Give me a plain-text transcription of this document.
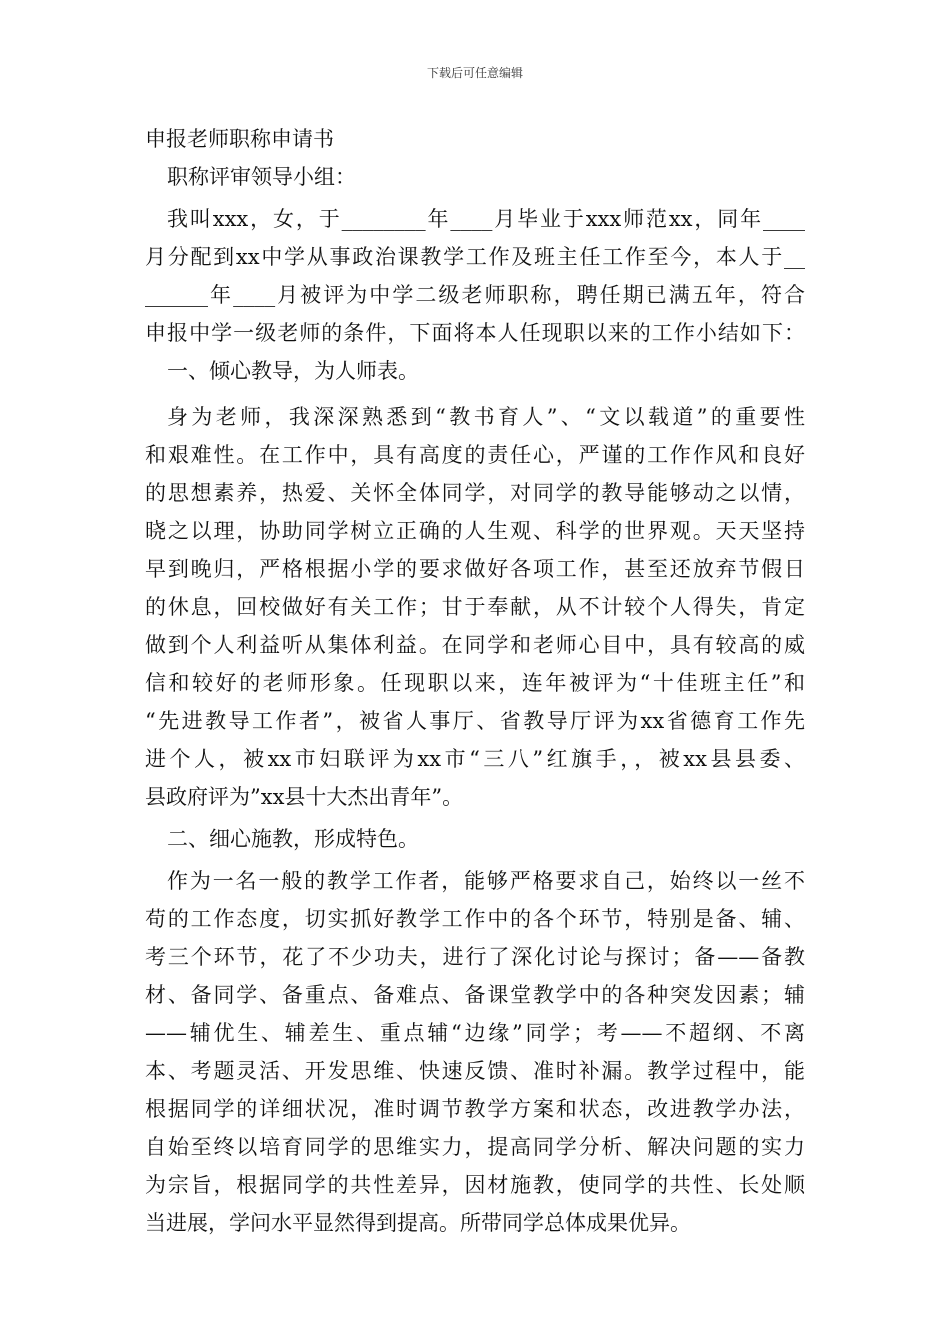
下载后可任意编辑
申报老师职称申请书
职称评审领导小组：
我叫xxx，女，于________年____月毕业于xxx师范xx，同年____
月分配到xx中学从事政治课教学工作及班主任工作至今，本人于__
______年____月被评为中学二级老师职称，聘任期已满五年，符合
申报中学一级老师的条件，下面将本人任现职以来的工作小结如下：
一、倾心教导，为人师表。
身为老师，我深深熟悉到“教书育人”、“文以载道”的重要性
和艰难性。在工作中，具有高度的责任心，严谨的工作作风和良好
的思想素养，热爱、关怀全体同学，对同学的教导能够动之以情，
晓之以理，协助同学树立正确的人生观、科学的世界观。天天坚持
早到晚归，严格根据小学的要求做好各项工作，甚至还放弃节假日
的休息，回校做好有关工作；甘于奉献，从不计较个人得失，肯定
做到个人利益听从集体利益。在同学和老师心目中，具有较高的威
信和较好的老师形象。任现职以来，连年被评为“十佳班主任”和
“先进教导工作者”，被省人事厅、省教导厅评为xx省德育工作先
进个人，被xx市妇联评为xx市“三八”红旗手，，被xx县县委、
县政府评为”xx县十大杰出青年”。
二、细心施教，形成特色。
作为一名一般的教学工作者，能够严格要求自己，始终以一丝不
苟的工作态度，切实抓好教学工作中的各个环节，特别是备、辅、
考三个环节，花了不少功夫，进行了深化讨论与探讨；备——备教
材、备同学、备重点、备难点、备课堂教学中的各种突发因素；辅
——辅优生、辅差生、重点辅“边缘”同学；考——不超纲、不离
本、考题灵活、开发思维、快速反馈、准时补漏。教学过程中，能
根据同学的详细状况，准时调节教学方案和状态，改进教学办法，
自始至终以培育同学的思维实力，提高同学分析、解决问题的实力
为宗旨，根据同学的共性差异，因材施教，使同学的共性、长处顺
当进展，学问水平显然得到提高。所带同学总体成果优异。
